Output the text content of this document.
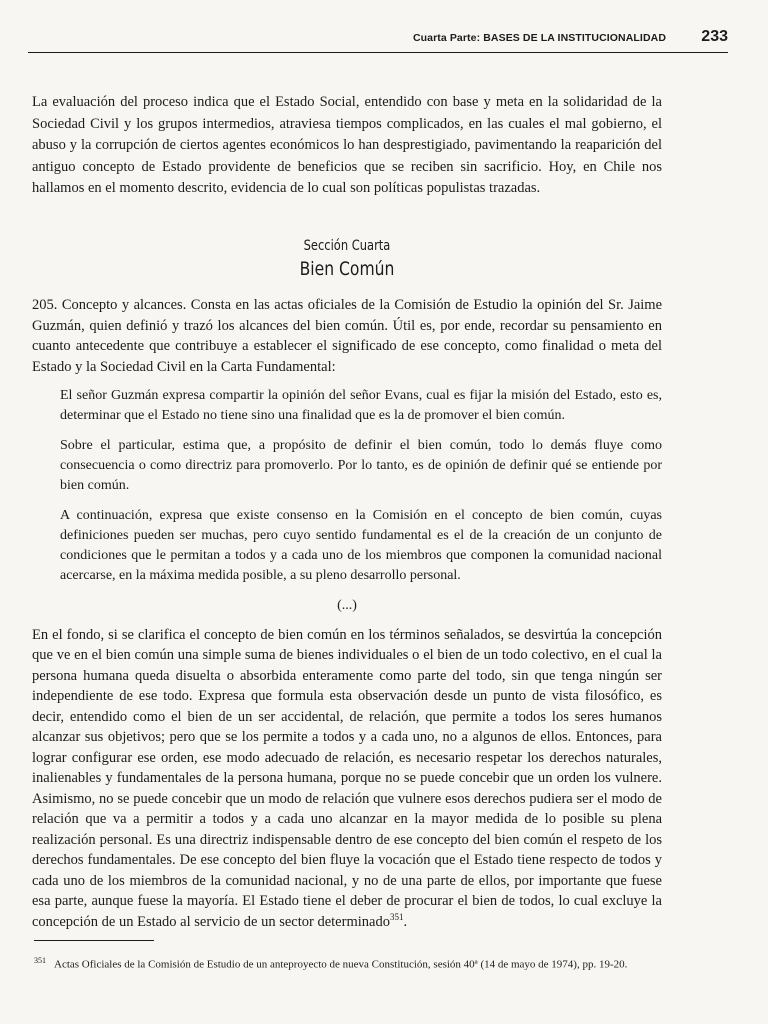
Cuarta Parte: BASES DE LA INSTITUCIONALIDAD 233

La evaluación del proceso indica que el Estado Social, entendido con base y meta en la solidaridad de la Sociedad Civil y los grupos intermedios, atraviesa tiempos complicados, en las cuales el mal gobierno, el abuso y la corrupción de ciertos agentes económicos lo han desprestigiado, pavimentando la reaparición del antiguo concepto de Estado providente de beneficios que se reciben sin sacrificio. Hoy, en Chile nos hallamos en el momento descrito, evidencia de lo cual son políticas populistas trazadas.

Sección Cuarta
Bien Común

205. Concepto y alcances. Consta en las actas oficiales de la Comisión de Estudio la opinión del Sr. Jaime Guzmán, quien definió y trazó los alcances del bien común. Útil es, por ende, recordar su pensamiento en cuanto antecedente que contribuye a establecer el significado de ese concepto, como finalidad o meta del Estado y la Sociedad Civil en la Carta Fundamental:

El señor Guzmán expresa compartir la opinión del señor Evans, cual es fijar la misión del Estado, esto es, determinar que el Estado no tiene sino una finalidad que es la de promover el bien común.

Sobre el particular, estima que, a propósito de definir el bien común, todo lo demás fluye como consecuencia o como directriz para promoverlo. Por lo tanto, es de opinión de definir qué se entiende por bien común.

A continuación, expresa que existe consenso en la Comisión en el concepto de bien común, cuyas definiciones pueden ser muchas, pero cuyo sentido fundamental es el de la creación de un conjunto de condiciones que le permitan a todos y a cada uno de los miembros que componen la comunidad nacional acercarse, en la máxima medida posible, a su pleno desarrollo personal.

(...)

En el fondo, si se clarifica el concepto de bien común en los términos señalados, se desvirtúa la concepción que ve en el bien común una simple suma de bienes individuales o el bien de un todo colectivo, en el cual la persona humana queda disuelta o absorbida enteramente como parte del todo, sin que tenga ningún ser independiente de ese todo. Expresa que formula esta observación desde un punto de vista filosófico, es decir, entendido como el bien de un ser accidental, de relación, que permite a todos los seres humanos alcanzar sus objetivos; pero que se los permite a todos y a cada uno, no a algunos de ellos. Entonces, para lograr configurar ese orden, ese modo adecuado de relación, es necesario respetar los derechos naturales, inalienables y fundamentales de la persona humana, porque no se puede concebir que un orden los vulnere. Asimismo, no se puede concebir que un modo de relación que vulnere esos derechos pudiera ser el modo de relación que va a permitir a todos y a cada uno alcanzar en la mayor medida de lo posible su plena realización personal. Es una directriz indispensable dentro de ese concepto del bien común el respeto de los derechos fundamentales. De ese concepto del bien fluye la vocación que el Estado tiene respecto de todos y cada uno de los miembros de la comunidad nacional, y no de una parte de ellos, por importante que fuese esa parte, aunque fuese la mayoría. El Estado tiene el deber de procurar el bien de todos, lo cual excluye la concepción de un Estado al servicio de un sector determinado$^{351}$.

$^{351}$ Actas Oficiales de la Comisión de Estudio de un anteproyecto de nueva Constitución, sesión 40ª (14 de mayo de 1974), pp. 19-20.
